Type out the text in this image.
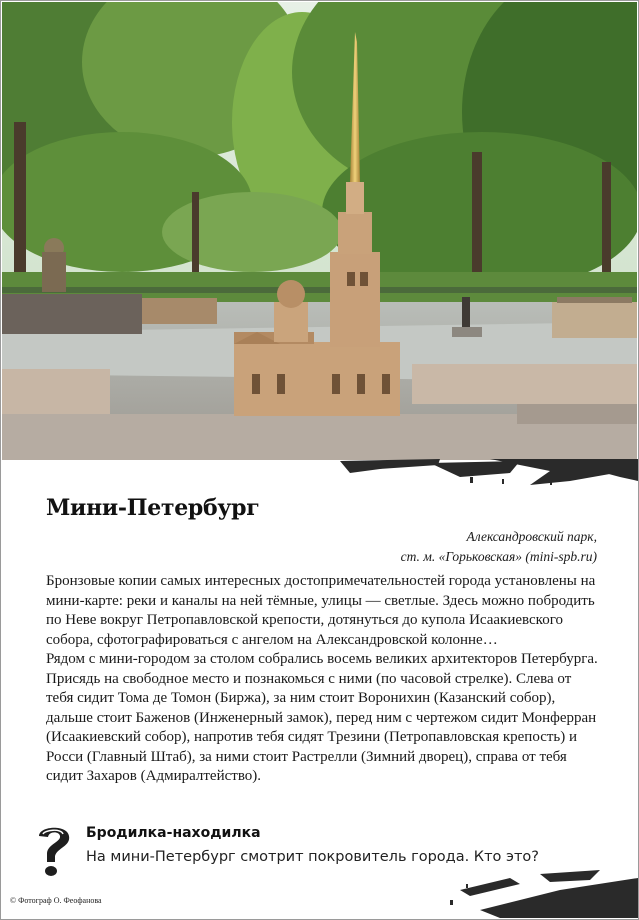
Мини-Петербург
Александровский парк,
ст. м. «Горьковская» (mini-spb.ru)

Бронзовые копии самых интересных достопримечательностей города установлены на мини-карте: реки и каналы на ней тёмные, улицы — светлые. Здесь можно побродить по Неве вокруг Петропавловской крепости, дотянуться до купола Исаакиевского собора, сфотографироваться с ангелом на Александровской колонне…

Рядом с мини-городом за столом собрались восемь великих архитекторов Петербурга. Присядь на свободное место и познакомься с ними (по часовой стрелке). Слева от тебя сидит Тома де Томон (Биржа), за ним стоит Воронихин (Казанский собор), дальше стоит Баженов (Инженерный замок), перед ним с чертежом сидит Монферран (Исаакиевский собор), напротив тебя сидят Трезини (Петропавловская крепость) и Росси (Главный Штаб), за ними стоит Растрелли (Зимний дворец), справа от тебя сидит Захаров (Адмиралтейство).

Бродилка-находилка
На мини-Петербург смотрит покровитель города. Кто это?
© Фотограф О. Феофанова
